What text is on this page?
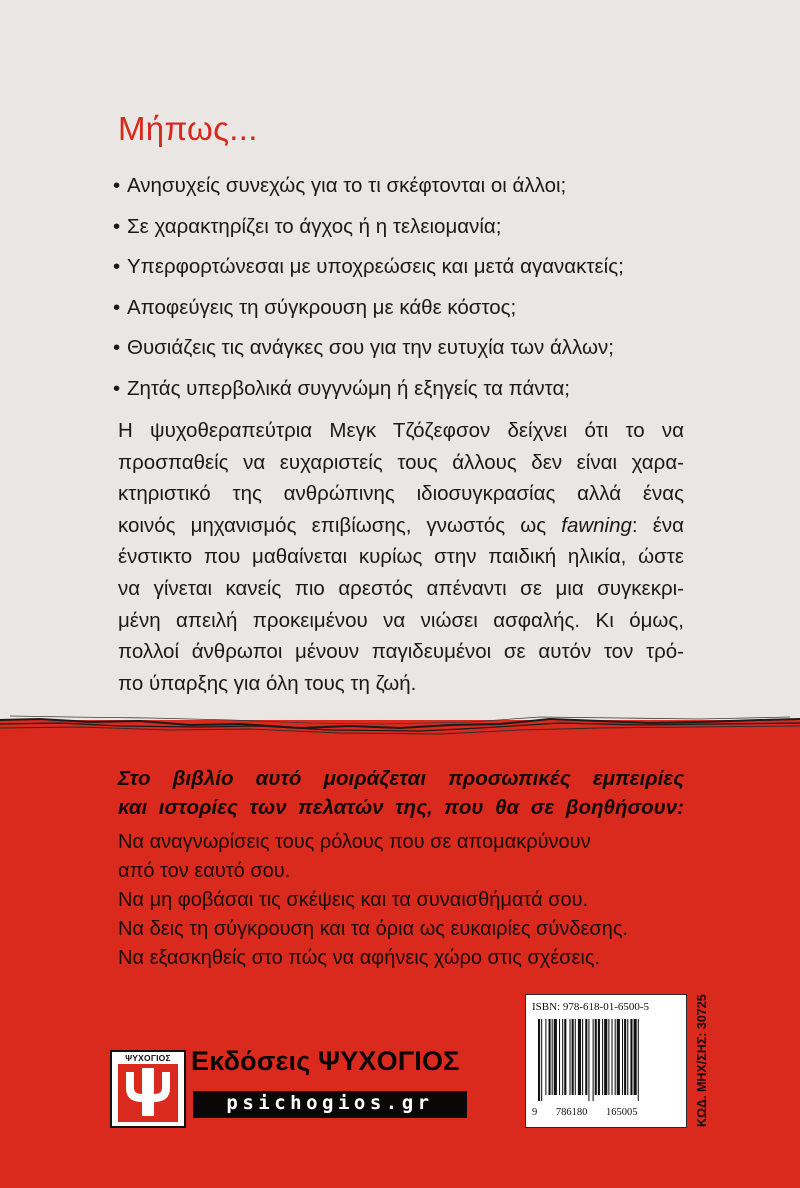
Μήπως...
• Ανησυχείς συνεχώς για το τι σκέφτονται οι άλλοι;
• Σε χαρακτηρίζει το άγχος ή η τελειομανία;
• Υπερφορτώνεσαι με υποχρεώσεις και μετά αγανακτείς;
• Αποφεύγεις τη σύγκρουση με κάθε κόστος;
• Θυσιάζεις τις ανάγκες σου για την ευτυχία των άλλων;
• Ζητάς υπερβολικά συγγνώμη ή εξηγείς τα πάντα;

Η ψυχοθεραπεύτρια Μεγκ Τζόζεφσον δείχνει ότι το να
προσπαθείς να ευχαριστείς τους άλλους δεν είναι χαρα-
κτηριστικό της ανθρώπινης ιδιοσυγκρασίας αλλά ένας
κοινός μηχανισμός επιβίωσης, γνωστός ως fawning: ένα
ένστικτο που μαθαίνεται κυρίως στην παιδική ηλικία, ώστε
να γίνεται κανείς πιο αρεστός απέναντι σε μια συγκεκρι-
μένη απειλή προκειμένου να νιώσει ασφαλής. Κι όμως,
πολλοί άνθρωποι μένουν παγιδευμένοι σε αυτόν τον τρό-
πο ύπαρξης για όλη τους τη ζωή.

Στο βιβλίο αυτό μοιράζεται προσωπικές εμπειρίες
και ιστορίες των πελατών της, που θα σε βοηθήσουν:
Να αναγνωρίσεις τους ρόλους που σε απομακρύνουν
από τον εαυτό σου.
Να μη φοβάσαι τις σκέψεις και τα συναισθήματά σου.
Να δεις τη σύγκρουση και τα όρια ως ευκαιρίες σύνδεσης.
Να εξασκηθείς στο πώς να αφήνεις χώρο στις σχέσεις.
ISBN: 978-618-01-6500-5
9 786180 165005	ΚΩΔ. ΜΗΧ/ΣΗΣ: 30725
ΨΥΧΟΓΙΟΣ Εκδόσεις ΨΥΧΟΓΙΟΣ
psichogios.gr
